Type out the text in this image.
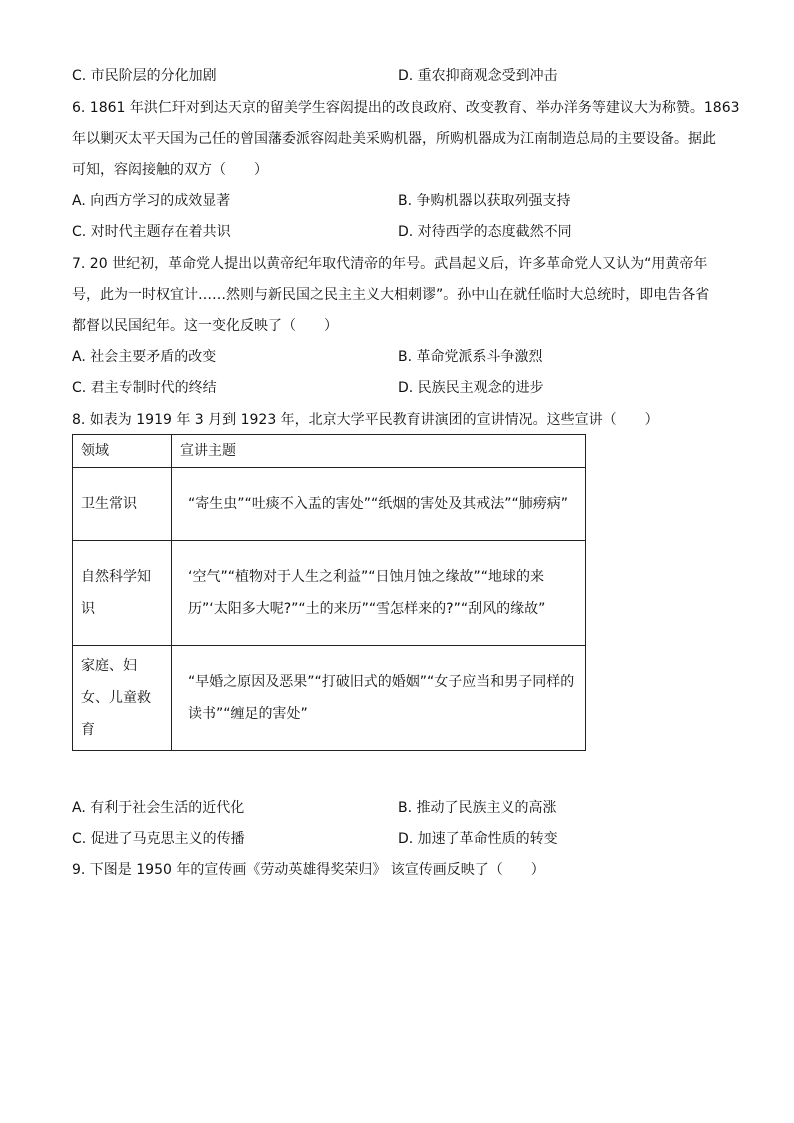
C. 市民阶层的分化加剧	D. 重农抑商观念受到冲击
6. 1861 年洪仁玕对到达天京的留美学生容闳提出的改良政府、改变教育、举办洋务等建议大为称赞。1863
年以剿灭太平天国为己任的曾国藩委派容闳赴美采购机器，所购机器成为江南制造总局的主要设备。据此
可知，容闳接触的双方（　　）
A. 向西方学习的成效显著	B. 争购机器以获取列强支持
C. 对时代主题存在着共识	D. 对待西学的态度截然不同
7. 20 世纪初，革命党人提出以黄帝纪年取代清帝的年号。武昌起义后，许多革命党人又认为“用黄帝年
号，此为一时权宜计……然则与新民国之民主主义大相刺谬”。孙中山在就任临时大总统时，即电告各省
都督以民国纪年。这一变化反映了（　　）
A. 社会主要矛盾的改变	B. 革命党派系斗争激烈
C. 君主专制时代的终结	D. 民族民主观念的进步
8. 如表为 1919 年 3 月到 1923 年，北京大学平民教育讲演团的宣讲情况。这些宣讲（　　）
领域	宣讲主题
卫生常识	“寄生虫”“吐痰不入盂的害处”“纸烟的害处及其戒法”“肺痨病”
自然科学知识	‘空气”“植物对于人生之利益”“日蚀月蚀之缘故”“地球的来历”‘太阳多大呢?”“土的来历”“雪怎样来的?”“刮风的缘故”
家庭、妇女、儿童救育	“早婚之原因及恶果”“打破旧式的婚姻”“女子应当和男子同样的读书”“缠足的害处”
A. 有利于社会生活的近代化	B. 推动了民族主义的高涨
C. 促进了马克思主义的传播	D. 加速了革命性质的转变
9. 下图是 1950 年的宣传画《劳动英雄得奖荣归》 该宣传画反映了（　　）
